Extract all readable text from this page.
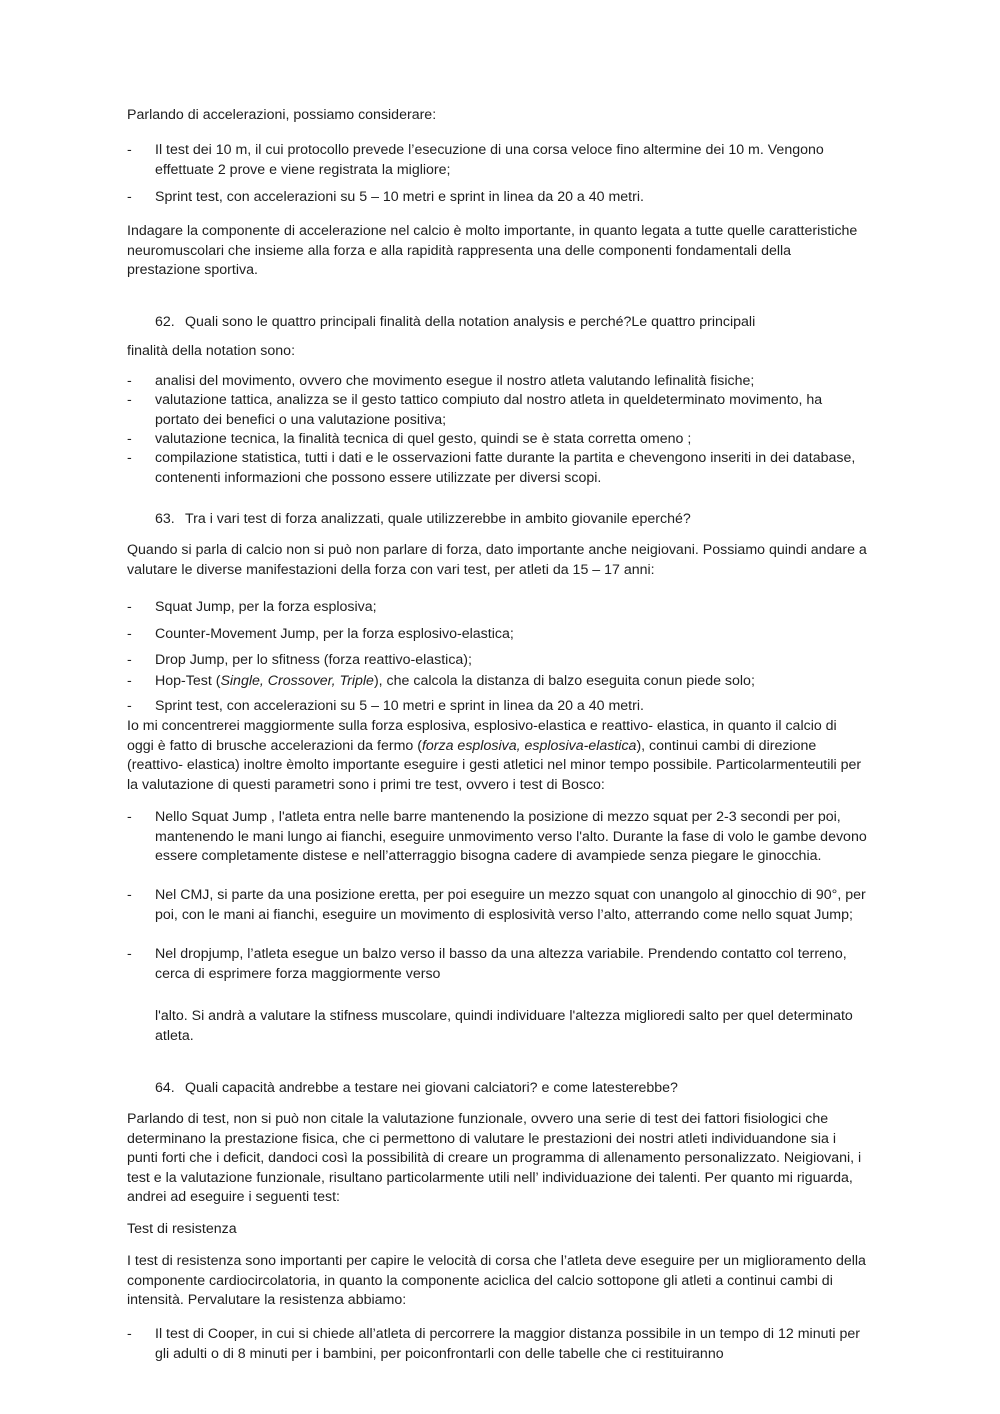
Parlando di accelerazioni, possiamo considerare:

-	Il test dei 10 m, il cui protocollo prevede l’esecuzione di una corsa veloce fino altermine dei 10 m. Vengono effettuate 2 prove e viene registrata la migliore;
-	Sprint test, con accelerazioni su 5 – 10 metri e sprint in linea da 20 a 40 metri.

Indagare la componente di accelerazione nel calcio è molto importante, in quanto legata a tutte quelle caratteristiche neuromuscolari che insieme alla forza e alla rapidità rappresenta una delle componenti fondamentali della prestazione sportiva.

62. Quali sono le quattro principali finalità della notation analysis e perché?Le quattro principali

finalità della notation sono:

-	analisi del movimento, ovvero che movimento esegue il nostro atleta valutando lefinalità fisiche;
-	valutazione tattica, analizza se il gesto tattico compiuto dal nostro atleta in queldeterminato movimento, ha portato dei benefici o una valutazione positiva;
-	valutazione tecnica, la finalità tecnica di quel gesto, quindi se è stata corretta omeno ;
-	compilazione statistica, tutti i dati e le osservazioni fatte durante la partita e chevengono inseriti in dei database, contenenti informazioni che possono essere utilizzate per diversi scopi.
63. Tra i vari test di forza analizzati, quale utilizzerebbe in ambito giovanile eperché?

Quando si parla di calcio non si può non parlare di forza, dato importante anche neigiovani. Possiamo quindi andare a valutare le diverse manifestazioni della forza con vari test, per atleti da 15 – 17 anni:

-	Squat Jump, per la forza esplosiva;
-	Counter-Movement Jump, per la forza esplosivo-elastica;
-	Drop Jump, per lo sfitness (forza reattivo-elastica);
-	Hop-Test (Single, Crossover, Triple), che calcola la distanza di balzo eseguita conun piede solo;
-	Sprint test, con accelerazioni su 5 – 10 metri e sprint in linea da 20 a 40 metri.

Io mi concentrerei maggiormente sulla forza esplosiva, esplosivo-elastica e reattivo- elastica, in quanto il calcio di oggi è fatto di brusche accelerazioni da fermo (forza esplosiva, esplosiva-elastica), continui cambi di direzione (reattivo- elastica) inoltre èmolto importante eseguire i gesti atletici nel minor tempo possibile. Particolarmenteutili per la valutazione di questi parametri sono i primi tre test, ovvero i test di Bosco:

-	Nello Squat Jump , l'atleta entra nelle barre mantenendo la posizione di mezzo squat per 2-3 secondi per poi, mantenendo le mani lungo ai fianchi, eseguire unmovimento verso l'alto. Durante la fase di volo le gambe devono essere completamente distese e nell’atterraggio bisogna cadere di avampiede senza piegare le ginocchia.
-	Nel CMJ, si parte da una posizione eretta, per poi eseguire un mezzo squat con unangolo al ginocchio di 90°, per poi, con le mani ai fianchi, eseguire un movimento di esplosività verso l’alto, atterrando come nello squat Jump;
-	Nel dropjump, l’atleta esegue un balzo verso il basso da una altezza variabile. Prendendo contatto col terreno, cerca di esprimere forza maggiormente verso
l'alto. Si andrà a valutare la stifness muscolare, quindi individuare l'altezza miglioredi salto per quel determinato atleta.
64. Quali capacità andrebbe a testare nei giovani calciatori? e come latesterebbe?

Parlando di test, non si può non citale la valutazione funzionale, ovvero una serie di test dei fattori fisiologici che determinano la prestazione fisica, che ci permettono di valutare le prestazioni dei nostri atleti individuandone sia i punti forti che i deficit, dandoci così la possibilità di creare un programma di allenamento personalizzato. Neigiovani, i test e la valutazione funzionale, risultano particolarmente utili nell’ individuazione dei talenti. Per quanto mi riguarda, andrei ad eseguire i seguenti test:

Test di resistenza

I test di resistenza sono importanti per capire le velocità di corsa che l’atleta deve eseguire per un miglioramento della componente cardiocircolatoria, in quanto la componente aciclica del calcio sottopone gli atleti a continui cambi di intensità. Pervalutare la resistenza abbiamo:

-	Il test di Cooper, in cui si chiede all’atleta di percorrere la maggior distanza possibile in un tempo di 12 minuti per gli adulti o di 8 minuti per i bambini, per poiconfrontarli con delle tabelle che ci restituiranno
